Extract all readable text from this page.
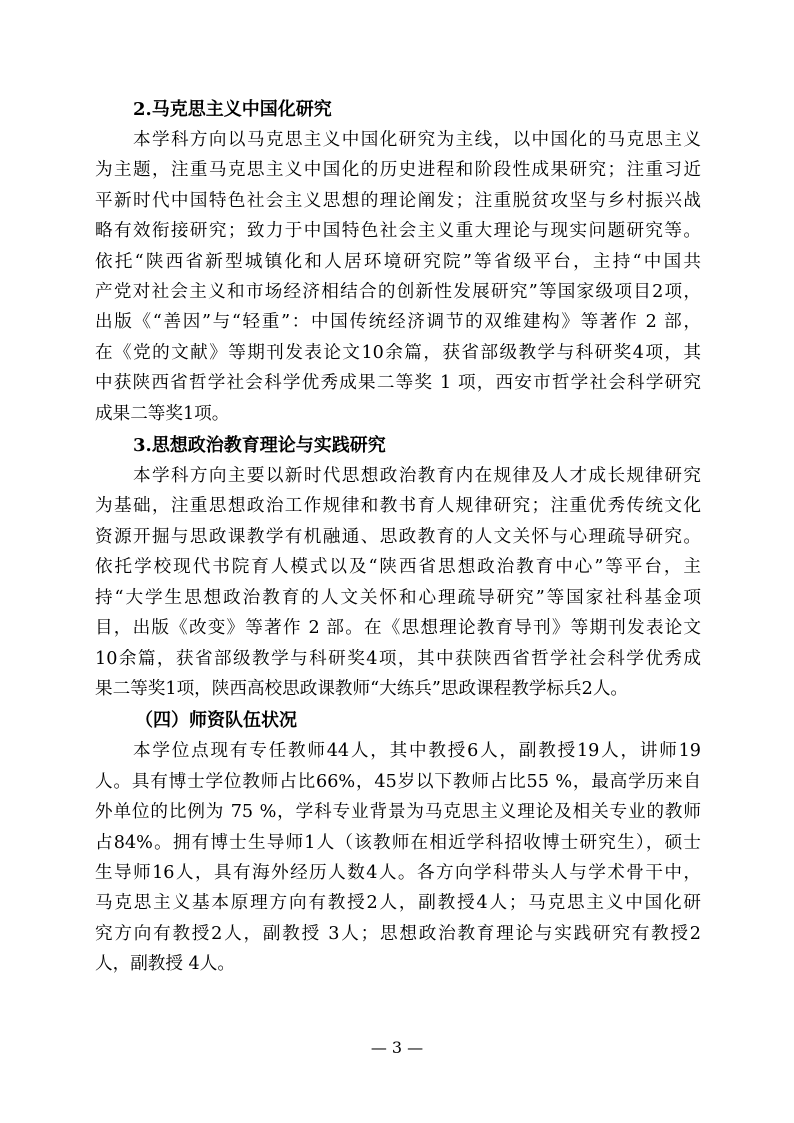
2.马克思主义中国化研究

本学科方向以马克思主义中国化研究为主线，以中国化的马克思主义
为主题，注重马克思主义中国化的历史进程和阶段性成果研究；注重习近
平新时代中国特色社会主义思想的理论阐发；注重脱贫攻坚与乡村振兴战
略有效衔接研究；致力于中国特色社会主义重大理论与现实问题研究等。
依托“陕西省新型城镇化和人居环境研究院”等省级平台，主持“中国共
产党对社会主义和市场经济相结合的创新性发展研究”等国家级项目2项，
出版《“善因”与“轻重”：中国传统经济调节的双维建构》等著作 2 部，
在《党的文献》等期刊发表论文10余篇，获省部级教学与科研奖4项，其
中获陕西省哲学社会科学优秀成果二等奖 1 项，西安市哲学社会科学研究
成果二等奖1项。

3.思想政治教育理论与实践研究

本学科方向主要以新时代思想政治教育内在规律及人才成长规律研究
为基础，注重思想政治工作规律和教书育人规律研究；注重优秀传统文化
资源开掘与思政课教学有机融通、思政教育的人文关怀与心理疏导研究。
依托学校现代书院育人模式以及“陕西省思想政治教育中心”等平台，主
持“大学生思想政治教育的人文关怀和心理疏导研究”等国家社科基金项
目，出版《改变》等著作 2 部。在《思想理论教育导刊》等期刊发表论文
10余篇，获省部级教学与科研奖4项，其中获陕西省哲学社会科学优秀成
果二等奖1项，陕西高校思政课教师“大练兵”思政课程教学标兵2人。

（四）师资队伍状况

本学位点现有专任教师44人，其中教授6人，副教授19人，讲师19
人。具有博士学位教师占比66%，45岁以下教师占比55 %，最高学历来自
外单位的比例为 75 %，学科专业背景为马克思主义理论及相关专业的教师
占84%。拥有博士生导师1人（该教师在相近学科招收博士研究生），硕士
生导师16人，具有海外经历人数4人。各方向学科带头人与学术骨干中，
马克思主义基本原理方向有教授2人，副教授4人；马克思主义中国化研
究方向有教授2人，副教授 3人；思想政治教育理论与实践研究有教授2
人，副教授 4人。

— 3 —
